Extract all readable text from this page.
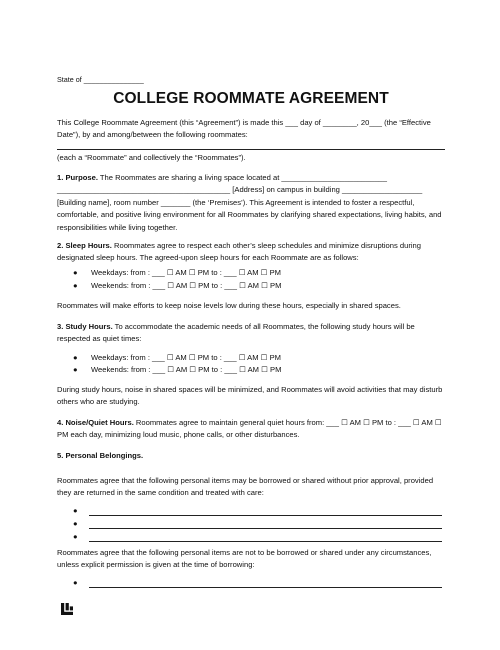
State of _______________
COLLEGE ROOMMATE AGREEMENT

This College Roommate Agreement (this “Agreement”) is made this ___ day of ________, 20___ (the “Effective Date”), by and among/between the following roommates:

(each a “Roommate” and collectively the “Roommates”).

1. Purpose. The Roommates are sharing a living space located at _________________________ _________________________________________ [Address] on campus in building ___________________ [Building name], room number _______ (the ‘Premises’). This Agreement is intended to foster a respectful, comfortable, and positive living environment for all Roommates by clarifying shared expectations, living habits, and responsibilities while living together.

2. Sleep Hours. Roommates agree to respect each other’s sleep schedules and minimize disruptions during designated sleep hours. The agreed-upon sleep hours for each Roommate are as follows:

● Weekdays: from : ___ ☐ AM ☐ PM to : ___ ☐ AM ☐ PM
● Weekends: from : ___ ☐ AM ☐ PM to : ___ ☐ AM ☐ PM

Roommates will make efforts to keep noise levels low during these hours, especially in shared spaces.

3. Study Hours. To accommodate the academic needs of all Roommates, the following study hours will be respected as quiet times:

● Weekdays: from : ___ ☐ AM ☐ PM to : ___ ☐ AM ☐ PM
● Weekends: from : ___ ☐ AM ☐ PM to : ___ ☐ AM ☐ PM

During study hours, noise in shared spaces will be minimized, and Roommates will avoid activities that may disturb others who are studying.

4. Noise/Quiet Hours. Roommates agree to maintain general quiet hours from: ___ ☐ AM ☐ PM to : ___ ☐ AM ☐ PM each day, minimizing loud music, phone calls, or other disturbances.

5. Personal Belongings.

Roommates agree that the following personal items may be borrowed or shared without prior approval, provided they are returned in the same condition and treated with care:

●
●
●

Roommates agree that the following personal items are not to be borrowed or shared under any circumstances, unless explicit permission is given at the time of borrowing:

●
